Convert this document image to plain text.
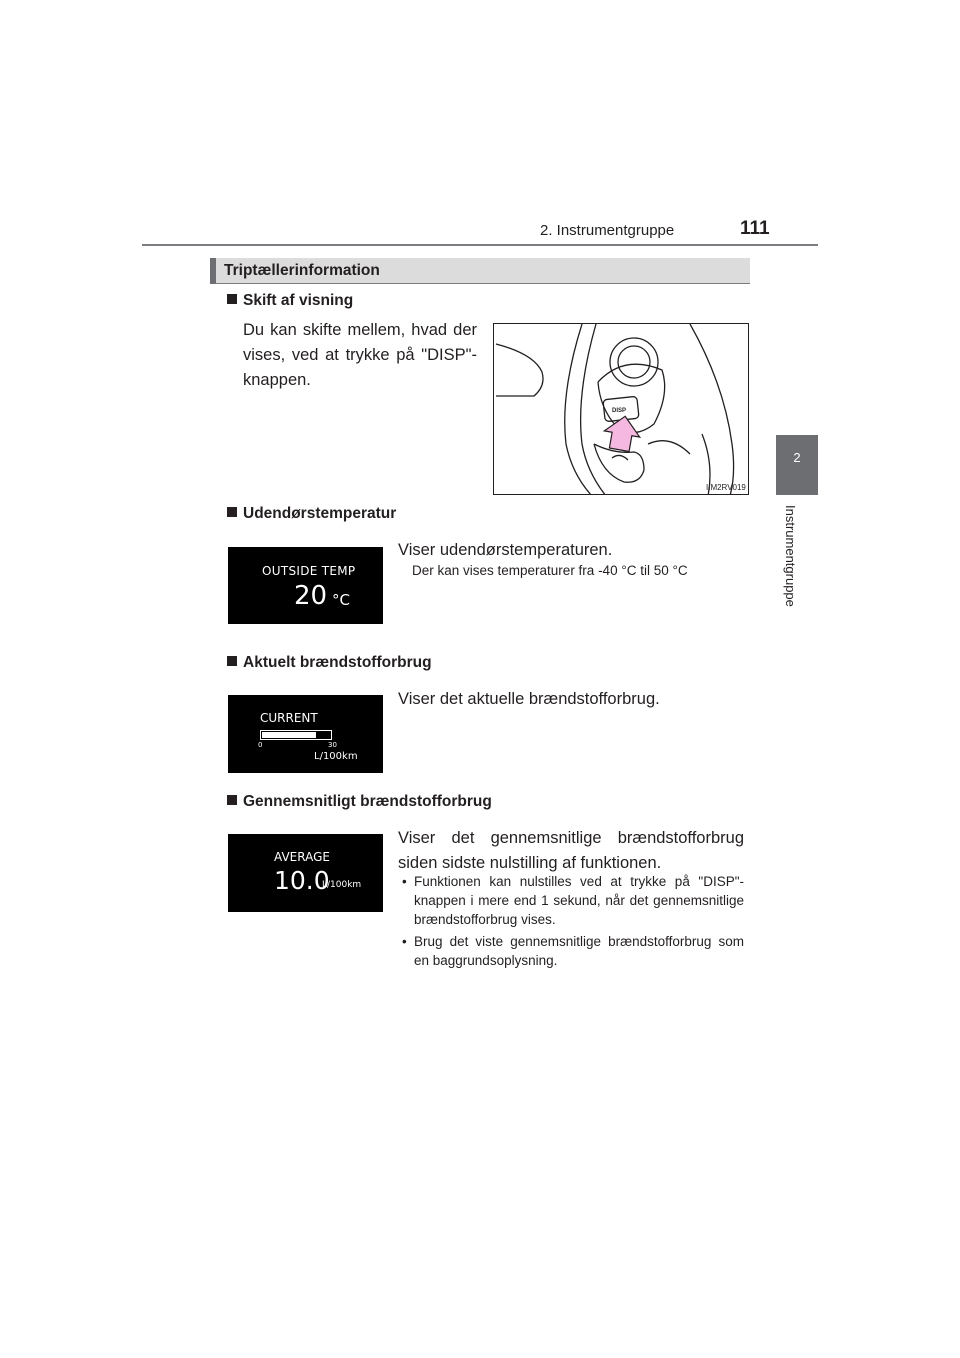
2. Instrumentgruppe	111
2
Instrumentgruppe
Triptællerinformation
Skift af visning
Du kan skifte mellem, hvad der vises, ved at trykke på "DISP"-knappen.
DISP
IIM2RV019
Udendørstemperatur
OUTSIDE TEMP
20 °C
Viser udendørstemperaturen.
Der kan vises temperaturer fra -40 °C til 50 °C
Aktuelt brændstofforbrug
CURRENT
0	30
L/100km
Viser det aktuelle brændstofforbrug.
Gennemsnitligt brændstofforbrug
AVERAGE
10.0
L/100km
Viser det gennemsnitlige brændstofforbrug siden sidste nulstilling af funktionen.
• Funktionen kan nulstilles ved at trykke på "DISP"-knappen i mere end 1 sekund, når det gennemsnitlige brændstofforbrug vises.
• Brug det viste gennemsnitlige brændstofforbrug som en baggrundsoplysning.
